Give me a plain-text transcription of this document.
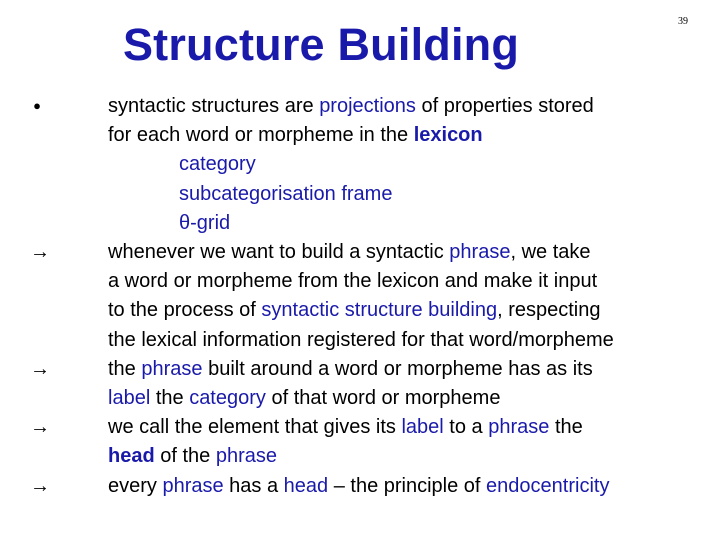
Structure Building	39
●	syntactic structures are projections of properties stored
for each word or morpheme in the lexicon
category
subcategorisation frame
θ-grid
→	whenever we want to build a syntactic phrase, we take
a word or morpheme from the lexicon and make it input
to the process of syntactic structure building, respecting
the lexical information registered for that word/morpheme
→	the phrase built around a word or morpheme has as its
label the category of that word or morpheme
→	we call the element that gives its label to a phrase the
head of the phrase
→	every phrase has a head – the principle of endocentricity
